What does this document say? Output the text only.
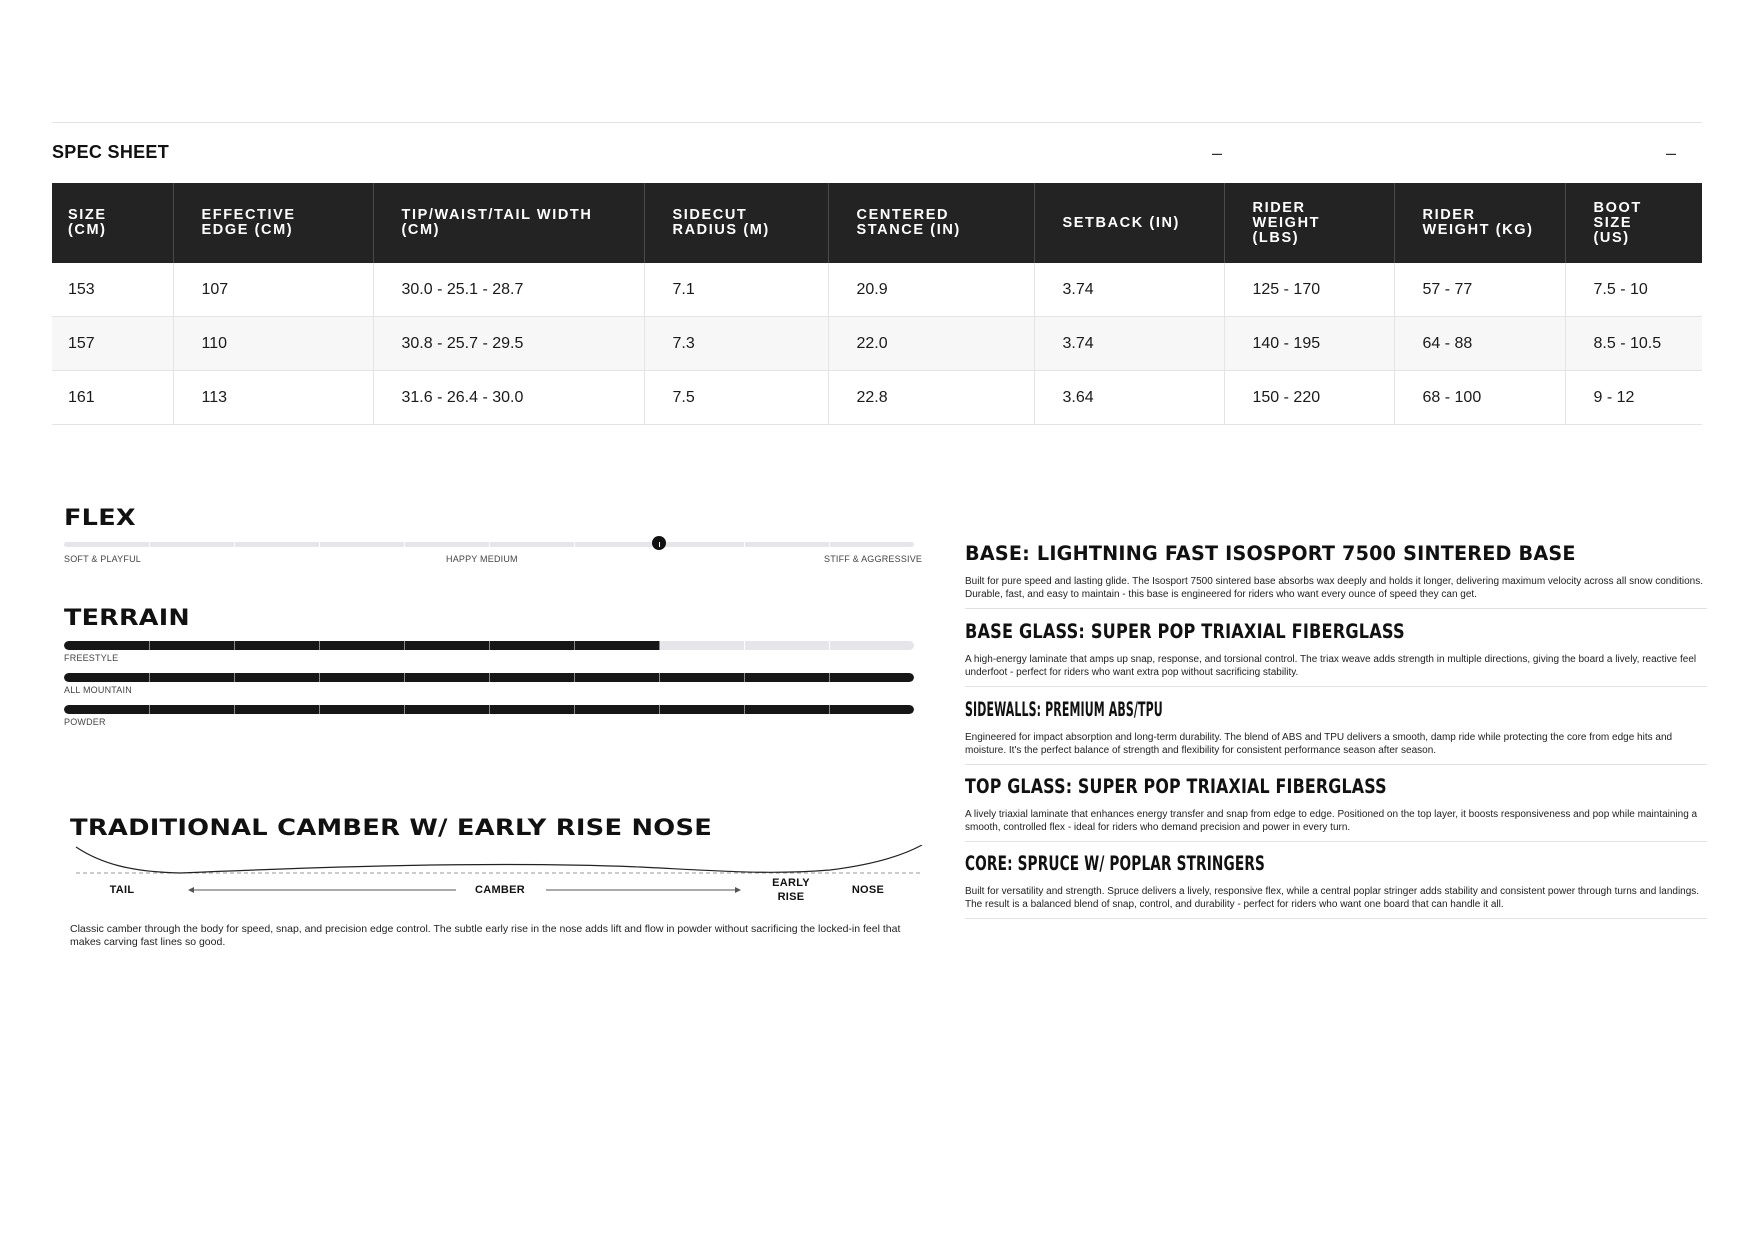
SPEC SHEET	–	–
SIZE (CM)	EFFECTIVE EDGE (CM)	TIP/WAIST/TAIL WIDTH (CM)	SIDECUT RADIUS (M)	CENTERED STANCE (IN)	SETBACK (IN)	RIDER WEIGHT (LBS)	RIDER WEIGHT (KG)	BOOT SIZE (US)

153	107	30.0 - 25.1 - 28.7	7.1	20.9	3.74	125 - 170	57 - 77	7.5 - 10
157	110	30.8 - 25.7 - 29.5	7.3	22.0	3.74	140 - 195	64 - 88	8.5 - 10.5
161	113	31.6 - 26.4 - 30.0	7.5	22.8	3.64	150 - 220	68 - 100	9 - 12
FLEX
SOFT & PLAYFUL	HAPPY MEDIUM	STIFF & AGGRESSIVE
TERRAIN
FREESTYLE
ALL MOUNTAIN
POWDER
TRADITIONAL CAMBER W/ EARLY RISE NOSE
TAIL	CAMBER
EARLY
RISE
NOSE
Classic camber through the body for speed, snap, and precision edge control. The subtle early rise in the nose adds lift and flow in powder without sacrificing the locked-in feel that makes carving fast lines so good.
BASE: LIGHTNING FAST ISOSPORT 7500 SINTERED BASE

Built for pure speed and lasting glide. The Isosport 7500 sintered base absorbs wax deeply and holds it longer, delivering maximum velocity across all snow conditions. Durable, fast, and easy to maintain - this base is engineered for riders who want every ounce of speed they can get.

BASE GLASS: SUPER POP TRIAXIAL FIBERGLASS

A high-energy laminate that amps up snap, response, and torsional control. The triax weave adds strength in multiple directions, giving the board a lively, reactive feel underfoot - perfect for riders who want extra pop without sacrificing stability.

SIDEWALLS: PREMIUM ABS/TPU

Engineered for impact absorption and long-term durability. The blend of ABS and TPU delivers a smooth, damp ride while protecting the core from edge hits and moisture. It's the perfect balance of strength and flexibility for consistent performance season after season.

TOP GLASS: SUPER POP TRIAXIAL FIBERGLASS

A lively triaxial laminate that enhances energy transfer and snap from edge to edge. Positioned on the top layer, it boosts responsiveness and pop while maintaining a smooth, controlled flex - ideal for riders who demand precision and power in every turn.

CORE: SPRUCE W/ POPLAR STRINGERS

Built for versatility and strength. Spruce delivers a lively, responsive flex, while a central poplar stringer adds stability and consistent power through turns and landings. The result is a balanced blend of snap, control, and durability - perfect for riders who want one board that can handle it all.
